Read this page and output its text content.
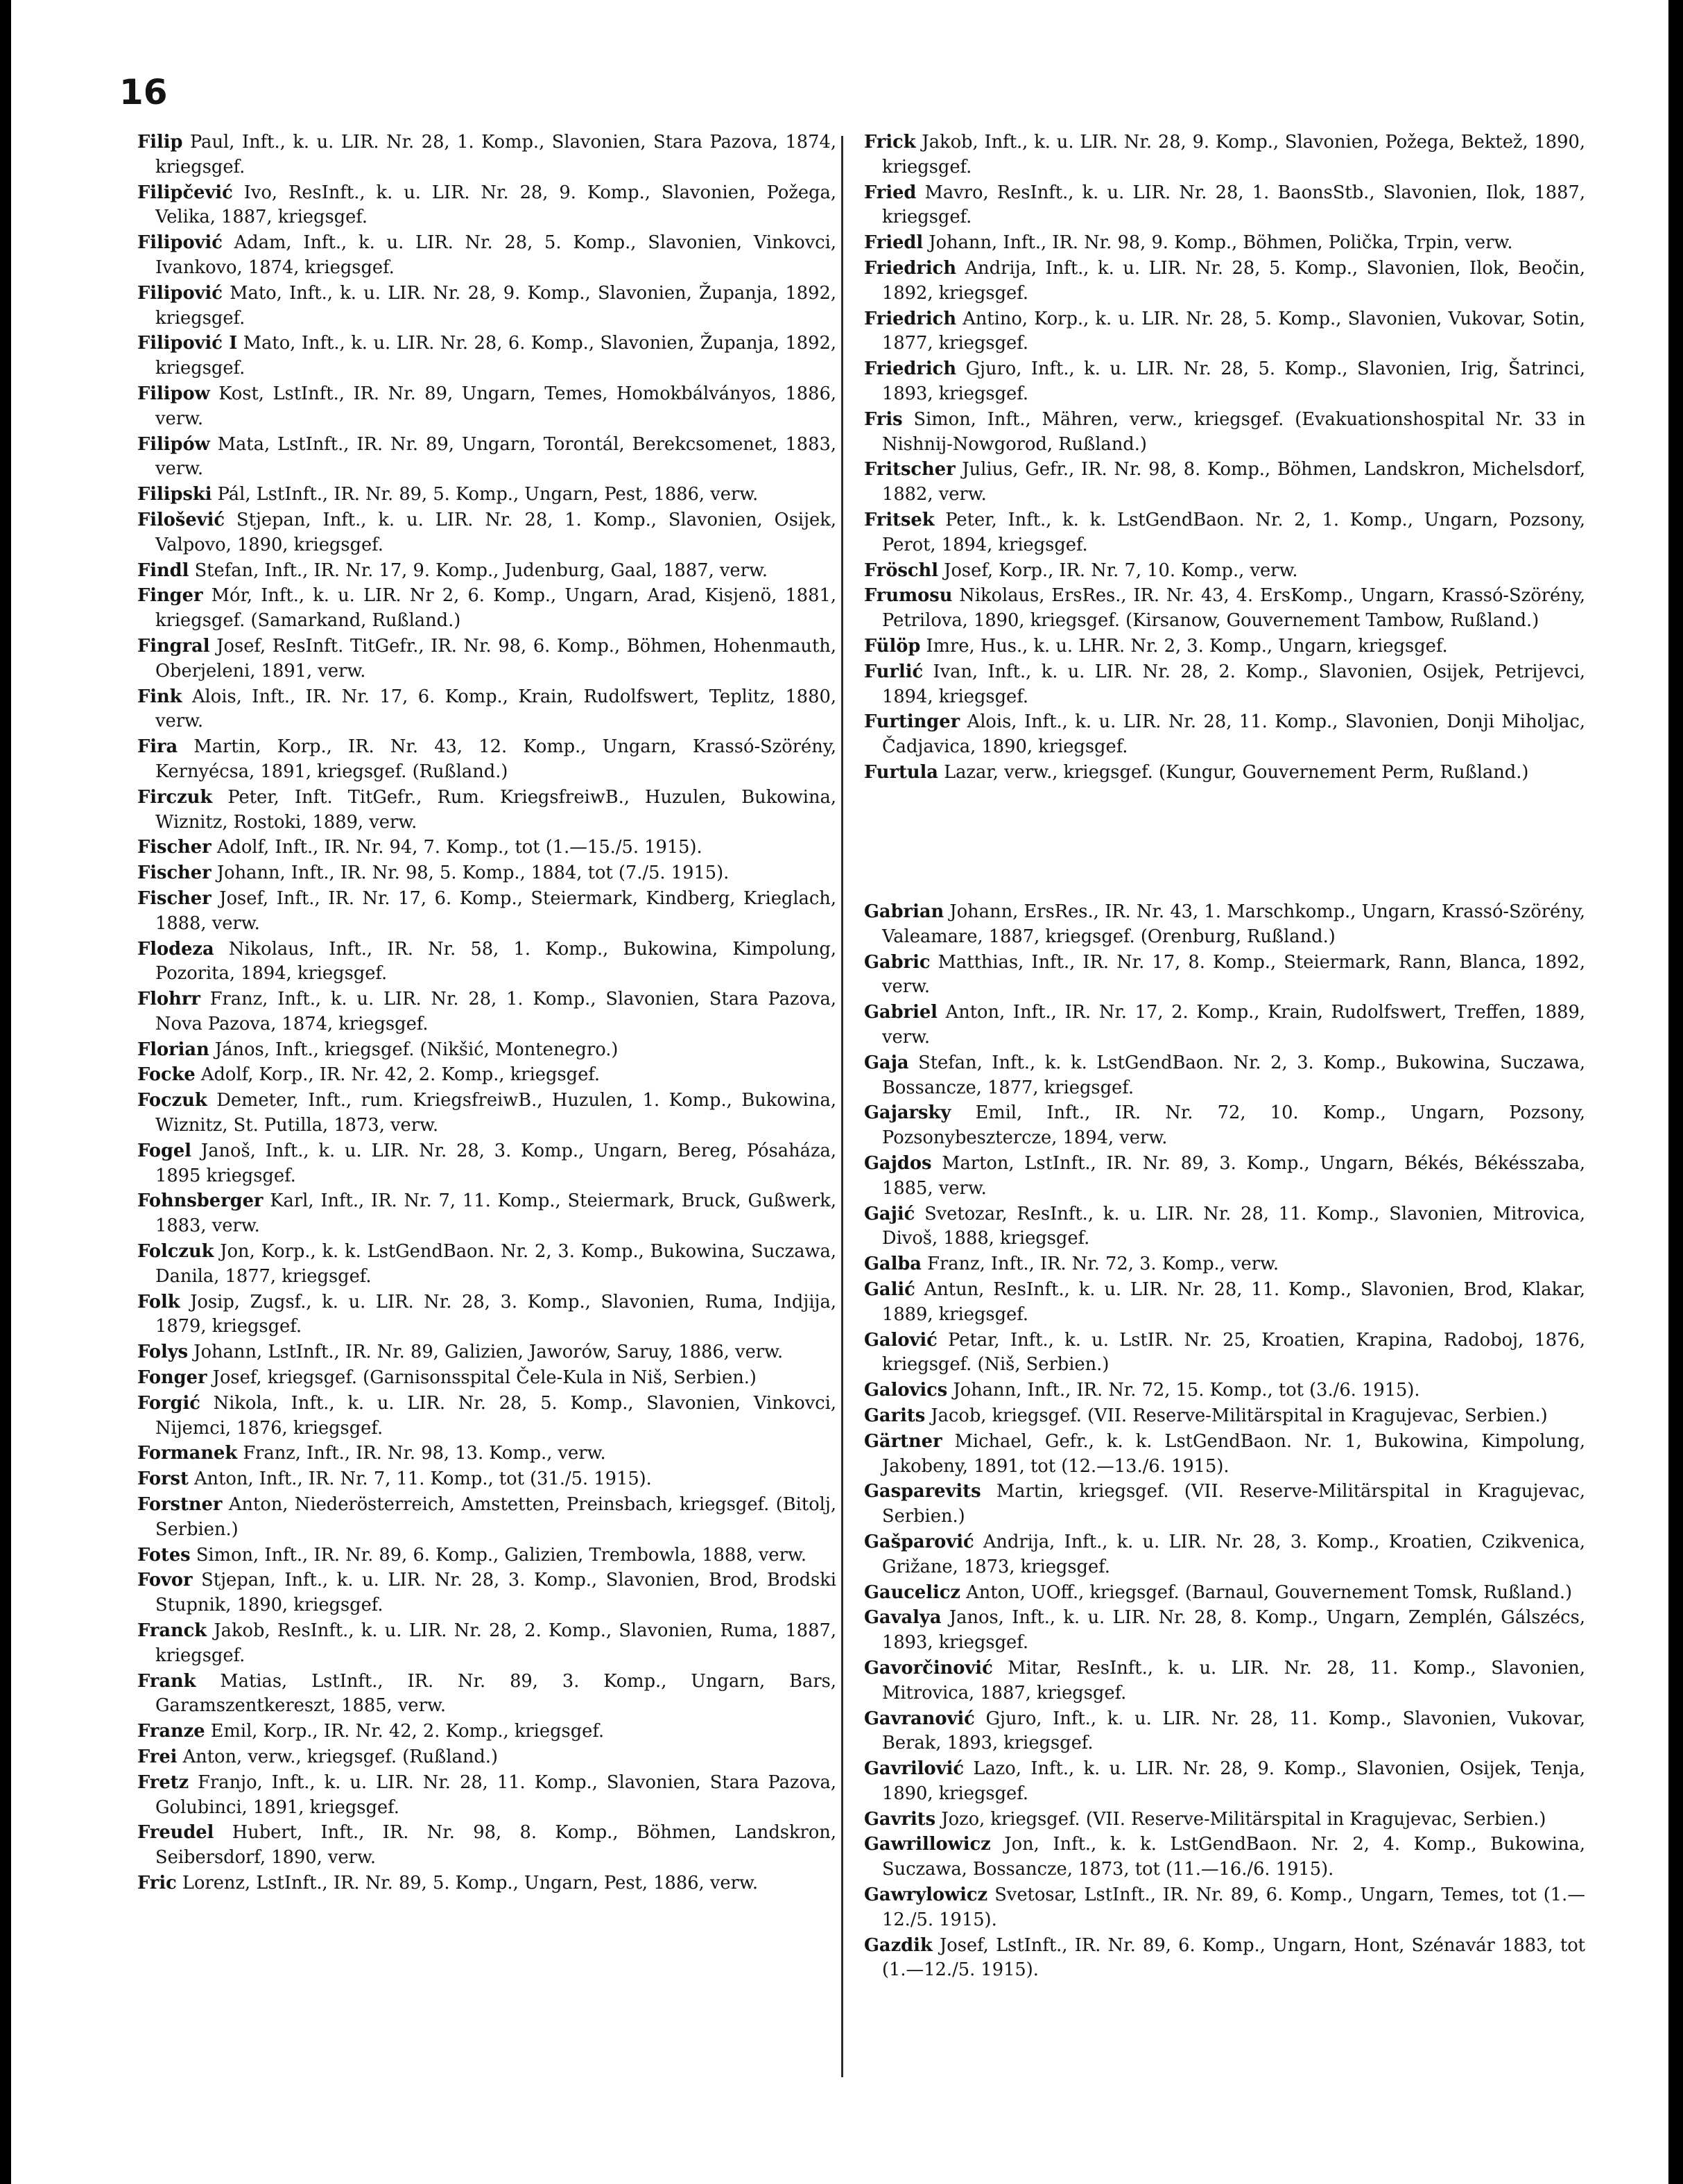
16

Filip Paul, Inft., k. u. LIR. Nr. 28, 1. Komp., Slavonien, Stara Pazova, 1874, kriegsgef.

Filipčević Ivo, ResInft., k. u. LIR. Nr. 28, 9. Komp., Slavonien, Požega, Velika, 1887, kriegsgef.

Filipović Adam, Inft., k. u. LIR. Nr. 28, 5. Komp., Slavonien, Vinkovci, Ivankovo, 1874, kriegsgef.

Filipović Mato, Inft., k. u. LIR. Nr. 28, 9. Komp., Slavonien, Županja, 1892, kriegsgef.

Filipović I Mato, Inft., k. u. LIR. Nr. 28, 6. Komp., Slavonien, Županja, 1892, kriegsgef.

Filipow Kost, LstInft., IR. Nr. 89, Ungarn, Temes, Homokbálványos, 1886, verw.

Filipów Mata, LstInft., IR. Nr. 89, Ungarn, Torontál, Berekcsomenet, 1883, verw.

Filipski Pál, LstInft., IR. Nr. 89, 5. Komp., Ungarn, Pest, 1886, verw.

Filošević Stjepan, Inft., k. u. LIR. Nr. 28, 1. Komp., Slavonien, Osijek, Valpovo, 1890, kriegsgef.

Findl Stefan, Inft., IR. Nr. 17, 9. Komp., Judenburg, Gaal, 1887, verw.

Finger Mór, Inft., k. u. LIR. Nr 2, 6. Komp., Ungarn, Arad, Kisjenö, 1881, kriegsgef. (Samarkand, Rußland.)

Fingral Josef, ResInft. TitGefr., IR. Nr. 98, 6. Komp., Böhmen, Hohenmauth, Oberjeleni, 1891, verw.

Fink Alois, Inft., IR. Nr. 17, 6. Komp., Krain, Rudolfswert, Teplitz, 1880, verw.

Fira Martin, Korp., IR. Nr. 43, 12. Komp., Ungarn, Krassó-Szörény, Kernyécsa, 1891, kriegsgef. (Rußland.)

Firczuk Peter, Inft. TitGefr., Rum. KriegsfreiwB., Huzulen, Bukowina, Wiznitz, Rostoki, 1889, verw.

Fischer Adolf, Inft., IR. Nr. 94, 7. Komp., tot (1.—15./5. 1915).

Fischer Johann, Inft., IR. Nr. 98, 5. Komp., 1884, tot (7./5. 1915).

Fischer Josef, Inft., IR. Nr. 17, 6. Komp., Steiermark, Kindberg, Krieglach, 1888, verw.

Flodeza Nikolaus, Inft., IR. Nr. 58, 1. Komp., Bukowina, Kimpolung, Pozorita, 1894, kriegsgef.

Flohrr Franz, Inft., k. u. LIR. Nr. 28, 1. Komp., Slavonien, Stara Pazova, Nova Pazova, 1874, kriegsgef.

Florian János, Inft., kriegsgef. (Nikšić, Montenegro.)

Focke Adolf, Korp., IR. Nr. 42, 2. Komp., kriegsgef.

Foczuk Demeter, Inft., rum. KriegsfreiwB., Huzulen, 1. Komp., Bukowina, Wiznitz, St. Putilla, 1873, verw.

Fogel Janoš, Inft., k. u. LIR. Nr. 28, 3. Komp., Ungarn, Bereg, Pósaháza, 1895 kriegsgef.

Fohnsberger Karl, Inft., IR. Nr. 7, 11. Komp., Steiermark, Bruck, Gußwerk, 1883, verw.

Folczuk Jon, Korp., k. k. LstGendBaon. Nr. 2, 3. Komp., Bukowina, Suczawa, Danila, 1877, kriegsgef.

Folk Josip, Zugsf., k. u. LIR. Nr. 28, 3. Komp., Slavonien, Ruma, Indjija, 1879, kriegsgef.

Folys Johann, LstInft., IR. Nr. 89, Galizien, Jaworów, Saruy, 1886, verw.

Fonger Josef, kriegsgef. (Garnisonsspital Čele-Kula in Niš, Serbien.)

Forgić Nikola, Inft., k. u. LIR. Nr. 28, 5. Komp., Slavonien, Vinkovci, Nijemci, 1876, kriegsgef.

Formanek Franz, Inft., IR. Nr. 98, 13. Komp., verw.

Forst Anton, Inft., IR. Nr. 7, 11. Komp., tot (31./5. 1915).

Forstner Anton, Niederösterreich, Amstetten, Preinsbach, kriegsgef. (Bitolj, Serbien.)

Fotes Simon, Inft., IR. Nr. 89, 6. Komp., Galizien, Trembowla, 1888, verw.

Fovor Stjepan, Inft., k. u. LIR. Nr. 28, 3. Komp., Slavonien, Brod, Brodski Stupnik, 1890, kriegsgef.

Franck Jakob, ResInft., k. u. LIR. Nr. 28, 2. Komp., Slavonien, Ruma, 1887, kriegsgef.

Frank Matias, LstInft., IR. Nr. 89, 3. Komp., Ungarn, Bars, Garamszentkereszt, 1885, verw.

Franze Emil, Korp., IR. Nr. 42, 2. Komp., kriegsgef.

Frei Anton, verw., kriegsgef. (Rußland.)

Fretz Franjo, Inft., k. u. LIR. Nr. 28, 11. Komp., Slavonien, Stara Pazova, Golubinci, 1891, kriegsgef.

Freudel Hubert, Inft., IR. Nr. 98, 8. Komp., Böhmen, Landskron, Seibersdorf, 1890, verw.

Fric Lorenz, LstInft., IR. Nr. 89, 5. Komp., Ungarn, Pest, 1886, verw.

Frick Jakob, Inft., k. u. LIR. Nr. 28, 9. Komp., Slavonien, Požega, Bektež, 1890, kriegsgef.

Fried Mavro, ResInft., k. u. LIR. Nr. 28, 1. BaonsStb., Slavonien, Ilok, 1887, kriegsgef.

Friedl Johann, Inft., IR. Nr. 98, 9. Komp., Böhmen, Polička, Trpin, verw.

Friedrich Andrija, Inft., k. u. LIR. Nr. 28, 5. Komp., Slavonien, Ilok, Beočin, 1892, kriegsgef.

Friedrich Antino, Korp., k. u. LIR. Nr. 28, 5. Komp., Slavonien, Vukovar, Sotin, 1877, kriegsgef.

Friedrich Gjuro, Inft., k. u. LIR. Nr. 28, 5. Komp., Slavonien, Irig, Šatrinci, 1893, kriegsgef.

Fris Simon, Inft., Mähren, verw., kriegsgef. (Evakuationshospital Nr. 33 in Nishnij-Nowgorod, Rußland.)

Fritscher Julius, Gefr., IR. Nr. 98, 8. Komp., Böhmen, Landskron, Michelsdorf, 1882, verw.

Fritsek Peter, Inft., k. k. LstGendBaon. Nr. 2, 1. Komp., Ungarn, Pozsony, Perot, 1894, kriegsgef.

Fröschl Josef, Korp., IR. Nr. 7, 10. Komp., verw.

Frumosu Nikolaus, ErsRes., IR. Nr. 43, 4. ErsKomp., Ungarn, Krassó-Szörény, Petrilova, 1890, kriegsgef. (Kirsanow, Gouvernement Tambow, Rußland.)

Fülöp Imre, Hus., k. u. LHR. Nr. 2, 3. Komp., Ungarn, kriegsgef.

Furlić Ivan, Inft., k. u. LIR. Nr. 28, 2. Komp., Slavonien, Osijek, Petrijevci, 1894, kriegsgef.

Furtinger Alois, Inft., k. u. LIR. Nr. 28, 11. Komp., Slavonien, Donji Miholjac, Čadjavica, 1890, kriegsgef.

Furtula Lazar, verw., kriegsgef. (Kungur, Gouvernement Perm, Rußland.)

Gabrian Johann, ErsRes., IR. Nr. 43, 1. Marschkomp., Ungarn, Krassó-Szörény, Valeamare, 1887, kriegsgef. (Orenburg, Rußland.)

Gabric Matthias, Inft., IR. Nr. 17, 8. Komp., Steiermark, Rann, Blanca, 1892, verw.

Gabriel Anton, Inft., IR. Nr. 17, 2. Komp., Krain, Rudolfswert, Treffen, 1889, verw.

Gaja Stefan, Inft., k. k. LstGendBaon. Nr. 2, 3. Komp., Bukowina, Suczawa, Bossancze, 1877, kriegsgef.

Gajarsky Emil, Inft., IR. Nr. 72, 10. Komp., Ungarn, Pozsony, Pozsonybesztercze, 1894, verw.

Gajdos Marton, LstInft., IR. Nr. 89, 3. Komp., Ungarn, Békés, Békésszaba, 1885, verw.

Gajić Svetozar, ResInft., k. u. LIR. Nr. 28, 11. Komp., Slavonien, Mitrovica, Divoš, 1888, kriegsgef.

Galba Franz, Inft., IR. Nr. 72, 3. Komp., verw.

Galić Antun, ResInft., k. u. LIR. Nr. 28, 11. Komp., Slavonien, Brod, Klakar, 1889, kriegsgef.

Galović Petar, Inft., k. u. LstIR. Nr. 25, Kroatien, Krapina, Radoboj, 1876, kriegsgef. (Niš, Serbien.)

Galovics Johann, Inft., IR. Nr. 72, 15. Komp., tot (3./6. 1915).

Garits Jacob, kriegsgef. (VII. Reserve-Militärspital in Kragujevac, Serbien.)

Gärtner Michael, Gefr., k. k. LstGendBaon. Nr. 1, Bukowina, Kimpolung, Jakobeny, 1891, tot (12.—13./6. 1915).

Gasparevits Martin, kriegsgef. (VII. Reserve-Militärspital in Kragujevac, Serbien.)

Gašparović Andrija, Inft., k. u. LIR. Nr. 28, 3. Komp., Kroatien, Czikvenica, Grižane, 1873, kriegsgef.

Gaucelicz Anton, UOff., kriegsgef. (Barnaul, Gouvernement Tomsk, Rußland.)

Gavalya Janos, Inft., k. u. LIR. Nr. 28, 8. Komp., Ungarn, Zemplén, Gálszécs, 1893, kriegsgef.

Gavorčinović Mitar, ResInft., k. u. LIR. Nr. 28, 11. Komp., Slavonien, Mitrovica, 1887, kriegsgef.

Gavranović Gjuro, Inft., k. u. LIR. Nr. 28, 11. Komp., Slavonien, Vukovar, Berak, 1893, kriegsgef.

Gavrilović Lazo, Inft., k. u. LIR. Nr. 28, 9. Komp., Slavonien, Osijek, Tenja, 1890, kriegsgef.

Gavrits Jozo, kriegsgef. (VII. Reserve-Militärspital in Kragujevac, Serbien.)

Gawrillowicz Jon, Inft., k. k. LstGendBaon. Nr. 2, 4. Komp., Bukowina, Suczawa, Bossancze, 1873, tot (11.—16./6. 1915).

Gawrylowicz Svetosar, LstInft., IR. Nr. 89, 6. Komp., Ungarn, Temes, tot (1.—12./5. 1915).

Gazdik Josef, LstInft., IR. Nr. 89, 6. Komp., Ungarn, Hont, Szénavár 1883, tot (1.—12./5. 1915).
